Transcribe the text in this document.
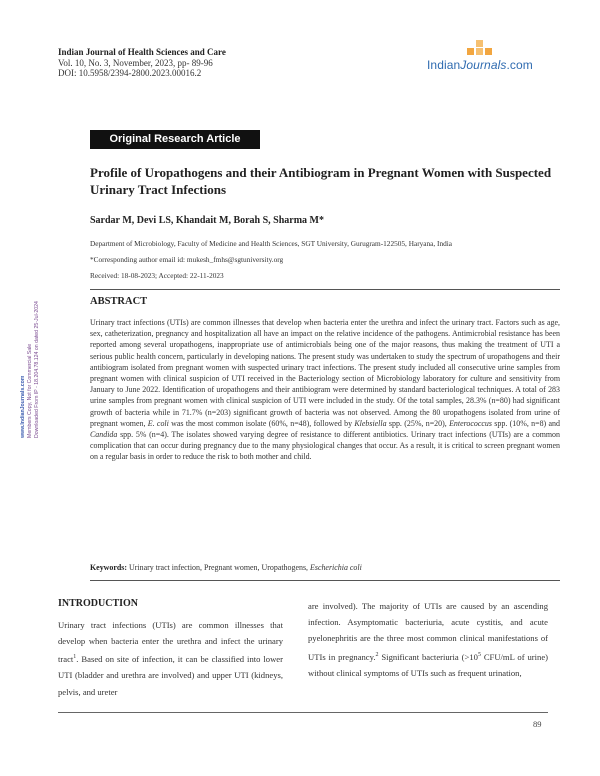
Indian Journal of Health Sciences and Care
Vol. 10, No. 3, November, 2023, pp- 89-96
DOI: 10.5958/2394-2800.2023.00016.2
IndianJournals.com
Original Research Article
Profile of Uropathogens and their Antibiogram in Pregnant Women with Suspected Urinary Tract Infections
Sardar M, Devi LS, Khandait M, Borah S, Sharma M*
Department of Microbiology, Faculty of Medicine and Health Sciences, SGT University, Gurugram-122505, Haryana, India
*Corresponding author email id: mukesh_fmhs@sgtuniversity.org
Received: 18-08-2023; Accepted: 22-11-2023
ABSTRACT
Urinary tract infections (UTIs) are common illnesses that develop when bacteria enter the urethra and infect the urinary tract. Factors such as age, sex, catheterization, pregnancy and hospitalization all have an impact on the relative incidence of the pathogens. Antimicrobial resistance has been reported among several uropathogens, inappropriate use of antimicrobials being one of the major reasons, thus making the treatment of UTI a serious public health concern, particularly in developing nations. The present study was undertaken to study the spectrum of uropathogens and their antibiogram isolated from pregnant women with suspected urinary tract infections. The present study included all consecutive urine samples from pregnant women with clinical suspicion of UTI received in the Bacteriology section of Microbiology laboratory for culture and sensitivity from January to June 2022. Identification of uropathogens and their antibiogram were determined by standard bacteriological techniques. A total of 283 urine samples from pregnant women with clinical suspicion of UTI were included in the study. Of the total samples, 28.3% (n=80) had significant growth of bacteria while in 71.7% (n=203) significant growth of bacteria was not observed. Among the 80 uropathogens isolated from urine of pregnant women, E. coli was the most common isolate (60%, n=48), followed by Klebsiella spp. (25%, n=20), Enterococcus spp. (10%, n=8) and Candida spp. 5% (n=4). The isolates showed varying degree of resistance to different antibiotics. Urinary tract infections (UTIs) are a common complication that can occur during pregnancy due to the many physiological changes that occur. As a result, it is critical to screen pregnant women on a regular basis in order to reduce the risk to both mother and child.
Keywords: Urinary tract infection, Pregnant women, Uropathogens, Escherichia coli
INTRODUCTION
Urinary tract infections (UTIs) are common illnesses that develop when bacteria enter the urethra and infect the urinary tract$^1$. Based on site of infection, it can be classified into lower UTI (bladder and urethra are involved) and upper UTI (kidneys, pelvis, and ureter
are involved). The majority of UTIs are caused by an ascending infection. Asymptomatic bacteriuria, acute cystitis, and acute pyelonephritis are the three most common clinical manifestations of UTIs in pregnancy.$^2$ Significant bacteriuria ($>10^5$ CFU/mL of urine) without clinical symptoms of UTIs such as frequent urination,
89
www.IndianJournals.com Members Copy, Not for Commercial Sale Downloaded From IP - 18.204.78.124 on dated 25-Jul-2024
